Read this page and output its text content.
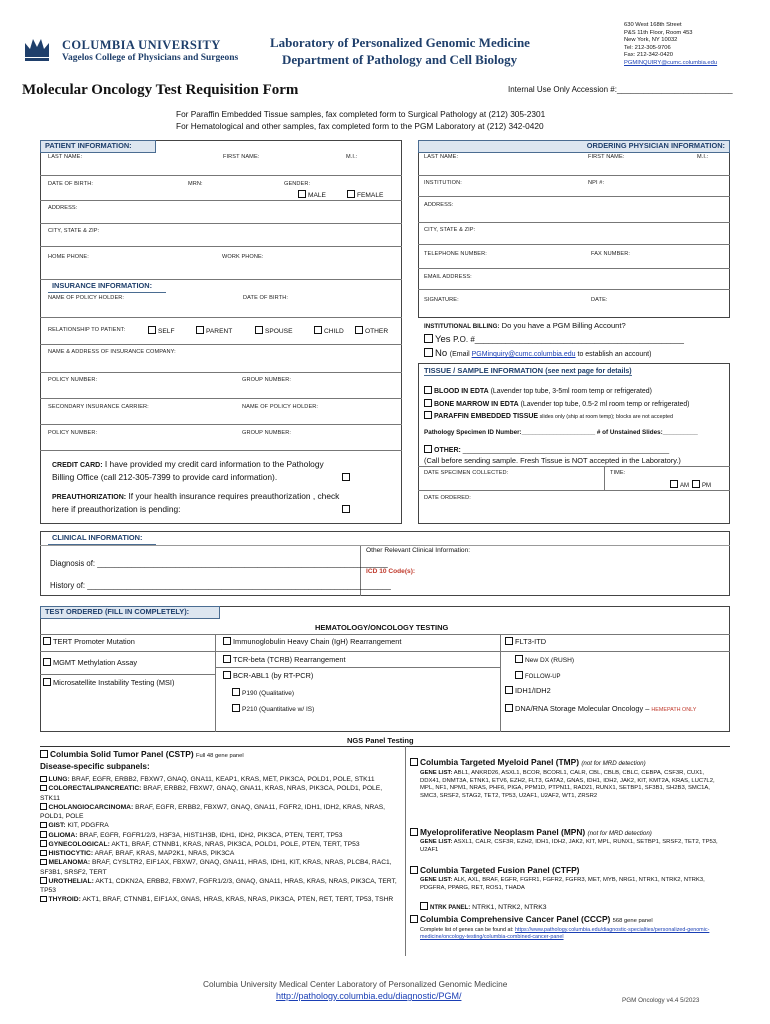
COLUMBIA UNIVERSITY
Vagelos College of Physicians and Surgeons
Laboratory of Personalized Genomic Medicine
Department of Pathology and Cell Biology
630 West 168th Street
P&S 11th Floor, Room 453
New York, NY 10032
Tel: 212-305-9706
Fax: 212-342-0420
PGMINQUIRY@cumc.columbia.edu
Molecular Oncology Test Requisition Form	Internal Use Only Accession #:__________________________
For Paraffin Embedded Tissue samples, fax completed form to Surgical Pathology at (212) 305-2301
For Hematological and other samples, fax completed form to the PGM Laboratory at (212) 342-0420
PATIENT INFORMATION:
LAST NAME:	FIRST NAME:	M.I.:
DATE OF BIRTH:	MRN:	GENDER:
MALE	FEMALE
ADDRESS:
CITY, STATE & ZIP:
HOME PHONE:	WORK PHONE:
INSURANCE INFORMATION:
NAME OF POLICY HOLDER:	DATE OF BIRTH:
RELATIONSHIP TO PATIENT:	SELF	PARENT	SPOUSE	CHILD	OTHER
NAME & ADDRESS OF INSURANCE COMPANY:
POLICY NUMBER:	GROUP NUMBER:
SECONDARY INSURANCE CARRIER:	NAME OF POLICY HOLDER:
POLICY NUMBER:	GROUP NUMBER:
CREDIT CARD: I have provided my credit card information to the Pathology
Billing Office (call 212-305-7399 to provide card information).
PREAUTHORIZATION: If your health insurance requires preauthorization , check
here if preauthorization is pending:
ORDERING PHYSICIAN INFORMATION:
LAST NAME:	FIRST NAME:	M.I.:
INSTITUTION:	NPI #:
ADDRESS:
CITY, STATE & ZIP:
TELEPHONE NUMBER:	FAX NUMBER:
EMAIL ADDRESS:
SIGNATURE:	DATE:
INSTITUTIONAL BILLING: Do you have a PGM Billing Account?
Yes P.O. #_______________________________________________
No (Email PGMinquiry@cumc.columbia.edu to establish an account)
TISSUE / SAMPLE INFORMATION (see next page for details)
BLOOD IN EDTA (Lavender top tube, 3-5ml room temp or refrigerated)
BONE MARROW IN EDTA (Lavender top tube, 0.5-2 ml room temp or refrigerated)
PARAFFIN EMBEDDED TISSUE slides only (ship at room temp); blocks are not accepted
Pathology Specimen ID Number:_____________________ # of Unstained Slides:__________
OTHER: _____________________________________________________
(Call before sending sample. Fresh Tissue is NOT accepted in the Laboratory.)
DATE SPECIMEN COLLECTED:	TIME:
AM	PM
DATE ORDERED:
CLINICAL INFORMATION:
Diagnosis of: ___________________________________________________________________
History of: ______________________________________________________________________
Other Relevant Clinical Information:
ICD 10 Code(s):
TEST ORDERED (FILL IN COMPLETELY):
HEMATOLOGY/ONCOLOGY TESTING
TERT Promoter Mutation
MGMT Methylation Assay
Microsatellite Instability Testing (MSI)
Immunoglobulin Heavy Chain (IgH) Rearrangement
TCR-beta (TCRB) Rearrangement
BCR-ABL1 (by RT-PCR)
P190 (Qualitative)
P210 (Quantitative w/ IS)
FLT3-ITD
New DX (RUSH)
FOLLOW-UP
IDH1/IDH2
DNA/RNA Storage Molecular Oncology – HEMEPATH ONLY
NGS Panel Testing
Columbia Solid Tumor Panel (CSTP) Full 48 gene panel
Disease-specific subpanels:
LUNG: BRAF, EGFR, ERBB2, FBXW7, GNAQ, GNA11, KEAP1, KRAS, MET, PIK3CA, POLD1, POLE, STK11
COLORECTAL/PANCREATIC: BRAF, ERBB2, FBXW7, GNAQ, GNA11, KRAS, NRAS, PIK3CA, POLD1, POLE, STK11
CHOLANGIOCARCINOMA: BRAF, EGFR, ERBB2, FBXW7, GNAQ, GNA11, FGFR2, IDH1, IDH2, KRAS, NRAS, POLD1, POLE
GIST: KIT, PDGFRA
GLIOMA: BRAF, EGFR, FGFR1/2/3, H3F3A, HIST1H3B, IDH1, IDH2, PIK3CA, PTEN, TERT, TP53
GYNECOLOGICAL: AKT1, BRAF, CTNNB1, KRAS, NRAS, PIK3CA, POLD1, POLE, PTEN, TERT, TP53
HISTIOCYTIC: ARAF, BRAF, KRAS, MAP2K1, NRAS, PIK3CA
MELANOMA: BRAF, CYSLTR2, EIF1AX, FBXW7, GNAQ, GNA11, HRAS, IDH1, KIT, KRAS, NRAS, PLCB4, RAC1, SF3B1, SRSF2, TERT
UROTHELIAL: AKT1, CDKN2A, ERBB2, FBXW7, FGFR1/2/3, GNAQ, GNA11, HRAS, KRAS, NRAS, PIK3CA, TERT, TP53
THYROID: AKT1, BRAF, CTNNB1, EIF1AX, GNAS, HRAS, KRAS, NRAS, PIK3CA, PTEN, RET, TERT, TP53, TSHR
Columbia Targeted Myeloid Panel (TMP) (not for MRD detection)
GENE LIST: ABL1, ANKRD26, ASXL1, BCOR, BCORL1, CALR, CBL, CBLB, CBLC, CEBPA, CSF3R, CUX1, DDX41, DNMT3A, ETNK1, ETV6, EZH2, FLT3, GATA2, GNAS, IDH1, IDH2, JAK2, KIT, KMT2A, KRAS, LUC7L2, MPL, NF1, NPM1, NRAS, PHF6, PIGA, PPM1D, PTPN11, RAD21, RUNX1, SETBP1, SF3B1, SH2B3, SMC1A, SMC3, SRSF2, STAG2, TET2, TP53, U2AF1, U2AF2, WT1, ZRSR2
Myeloproliferative Neoplasm Panel (MPN) (not for MRD detection)
GENE LIST: ASXL1, CALR, CSF3R, EZH2, IDH1, IDH2, JAK2, KIT, MPL, RUNX1, SETBP1, SRSF2, TET2, TP53, U2AF1
Columbia Targeted Fusion Panel (CTFP)
GENE LIST: ALK, AXL, BRAF, EGFR, FGFR1, FGFR2, FGFR3, MET, MYB, NRG1, NTRK1, NTRK2, NTRK3, PDGFRA, PPARG, RET, ROS1, THADA
NTRK PANEL: NTRK1, NTRK2, NTRK3
Columbia Comprehensive Cancer Panel (CCCP) 568 gene panel
Complete list of genes can be found at: https://www.pathology.columbia.edu/diagnostic-specialties/personalized-genomic-medicine/oncology-testing/columbia-combined-cancer-panel
Columbia University Medical Center Laboratory of Personalized Genomic Medicine
http://pathology.columbia.edu/diagnostic/PGM/	PGM Oncology v4.4 5/2023
